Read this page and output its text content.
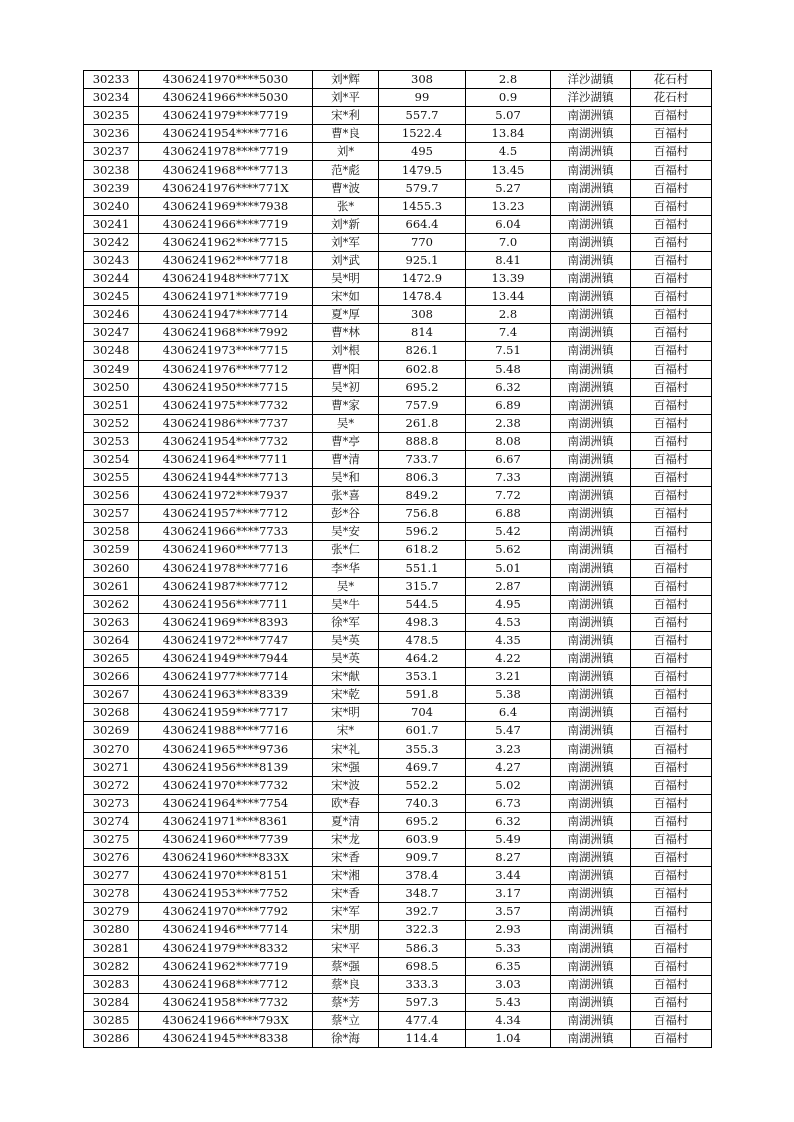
30233	4306241970****5030	刘*辉	308	2.8	洋沙湖镇	花石村
30234	4306241966****5030	刘*平	99	0.9	洋沙湖镇	花石村
30235	4306241979****7719	宋*利	557.7	5.07	南湖洲镇	百福村
30236	4306241954****7716	曹*良	1522.4	13.84	南湖洲镇	百福村
30237	4306241978****7719	刘*	495	4.5	南湖洲镇	百福村
30238	4306241968****7713	范*彪	1479.5	13.45	南湖洲镇	百福村
30239	4306241976****771X	曹*波	579.7	5.27	南湖洲镇	百福村
30240	4306241969****7938	张*	1455.3	13.23	南湖洲镇	百福村
30241	4306241966****7719	刘*新	664.4	6.04	南湖洲镇	百福村
30242	4306241962****7715	刘*军	770	7.0	南湖洲镇	百福村
30243	4306241962****7718	刘*武	925.1	8.41	南湖洲镇	百福村
30244	4306241948****771X	吴*明	1472.9	13.39	南湖洲镇	百福村
30245	4306241971****7719	宋*如	1478.4	13.44	南湖洲镇	百福村
30246	4306241947****7714	夏*厚	308	2.8	南湖洲镇	百福村
30247	4306241968****7992	曹*林	814	7.4	南湖洲镇	百福村
30248	4306241973****7715	刘*根	826.1	7.51	南湖洲镇	百福村
30249	4306241976****7712	曹*阳	602.8	5.48	南湖洲镇	百福村
30250	4306241950****7715	吴*初	695.2	6.32	南湖洲镇	百福村
30251	4306241975****7732	曹*家	757.9	6.89	南湖洲镇	百福村
30252	4306241986****7737	吴*	261.8	2.38	南湖洲镇	百福村
30253	4306241954****7732	曹*亭	888.8	8.08	南湖洲镇	百福村
30254	4306241964****7711	曹*清	733.7	6.67	南湖洲镇	百福村
30255	4306241944****7713	吴*和	806.3	7.33	南湖洲镇	百福村
30256	4306241972****7937	张*喜	849.2	7.72	南湖洲镇	百福村
30257	4306241957****7712	彭*谷	756.8	6.88	南湖洲镇	百福村
30258	4306241966****7733	吴*安	596.2	5.42	南湖洲镇	百福村
30259	4306241960****7713	张*仁	618.2	5.62	南湖洲镇	百福村
30260	4306241978****7716	李*华	551.1	5.01	南湖洲镇	百福村
30261	4306241987****7712	吴*	315.7	2.87	南湖洲镇	百福村
30262	4306241956****7711	吴*牛	544.5	4.95	南湖洲镇	百福村
30263	4306241969****8393	徐*军	498.3	4.53	南湖洲镇	百福村
30264	4306241972****7747	吴*英	478.5	4.35	南湖洲镇	百福村
30265	4306241949****7944	吴*英	464.2	4.22	南湖洲镇	百福村
30266	4306241977****7714	宋*献	353.1	3.21	南湖洲镇	百福村
30267	4306241963****8339	宋*乾	591.8	5.38	南湖洲镇	百福村
30268	4306241959****7717	宋*明	704	6.4	南湖洲镇	百福村
30269	4306241988****7716	宋*	601.7	5.47	南湖洲镇	百福村
30270	4306241965****9736	宋*礼	355.3	3.23	南湖洲镇	百福村
30271	4306241956****8139	宋*强	469.7	4.27	南湖洲镇	百福村
30272	4306241970****7732	宋*波	552.2	5.02	南湖洲镇	百福村
30273	4306241964****7754	欧*春	740.3	6.73	南湖洲镇	百福村
30274	4306241971****8361	夏*清	695.2	6.32	南湖洲镇	百福村
30275	4306241960****7739	宋*龙	603.9	5.49	南湖洲镇	百福村
30276	4306241960****833X	宋*香	909.7	8.27	南湖洲镇	百福村
30277	4306241970****8151	宋*湘	378.4	3.44	南湖洲镇	百福村
30278	4306241953****7752	宋*香	348.7	3.17	南湖洲镇	百福村
30279	4306241970****7792	宋*军	392.7	3.57	南湖洲镇	百福村
30280	4306241946****7714	宋*朋	322.3	2.93	南湖洲镇	百福村
30281	4306241979****8332	宋*平	586.3	5.33	南湖洲镇	百福村
30282	4306241962****7719	蔡*强	698.5	6.35	南湖洲镇	百福村
30283	4306241968****7712	蔡*良	333.3	3.03	南湖洲镇	百福村
30284	4306241958****7732	蔡*芳	597.3	5.43	南湖洲镇	百福村
30285	4306241966****793X	蔡*立	477.4	4.34	南湖洲镇	百福村
30286	4306241945****8338	徐*海	114.4	1.04	南湖洲镇	百福村
